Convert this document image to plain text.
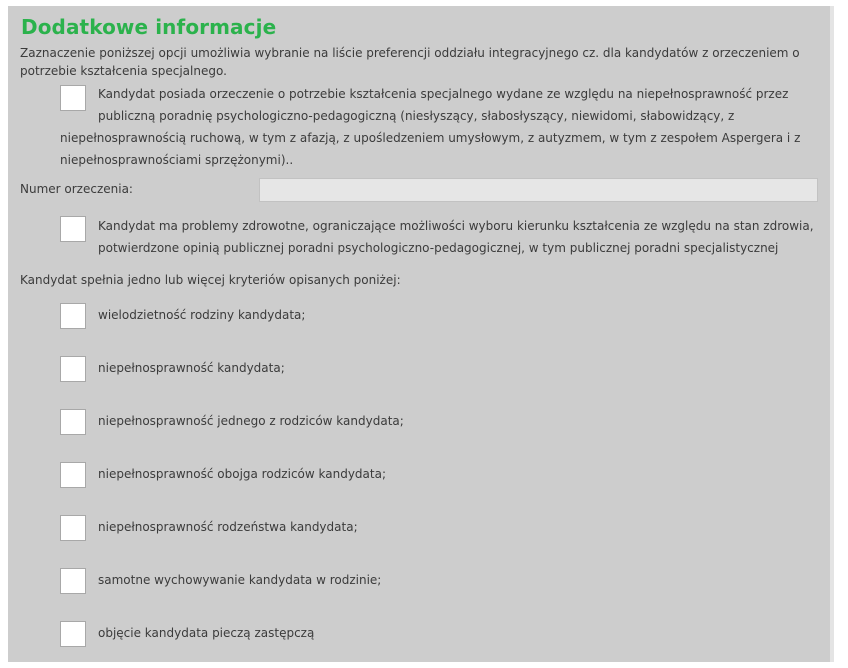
Dodatkowe informacje
Zaznaczenie poniższej opcji umożliwia wybranie na liście preferencji oddziału integracyjnego cz. dla kandydatów z orzeczeniem o potrzebie kształcenia specjalnego.
Kandydat posiada orzeczenie o potrzebie kształcenia specjalnego wydane ze względu na niepełnosprawność przez
publiczną poradnię psychologiczno-pedagogiczną (niesłyszący, słabosłyszący, niewidomi, słabowidzący, z
niepełnosprawnością ruchową, w tym z afazją, z upośledzeniem umysłowym, z autyzmem, w tym z zespołem Aspergera i z
niepełnosprawnościami sprzężonymi)..
Numer orzeczenia:
Kandydat ma problemy zdrowotne, ograniczające możliwości wyboru kierunku kształcenia ze względu na stan zdrowia,
potwierdzone opinią publicznej poradni psychologiczno-pedagogicznej, w tym publicznej poradni specjalistycznej
Kandydat spełnia jedno lub więcej kryteriów opisanych poniżej:
wielodzietność rodziny kandydata;
niepełnosprawność kandydata;
niepełnosprawność jednego z rodziców kandydata;
niepełnosprawność obojga rodziców kandydata;
niepełnosprawność rodzeństwa kandydata;
samotne wychowywanie kandydata w rodzinie;
objęcie kandydata pieczą zastępczą
